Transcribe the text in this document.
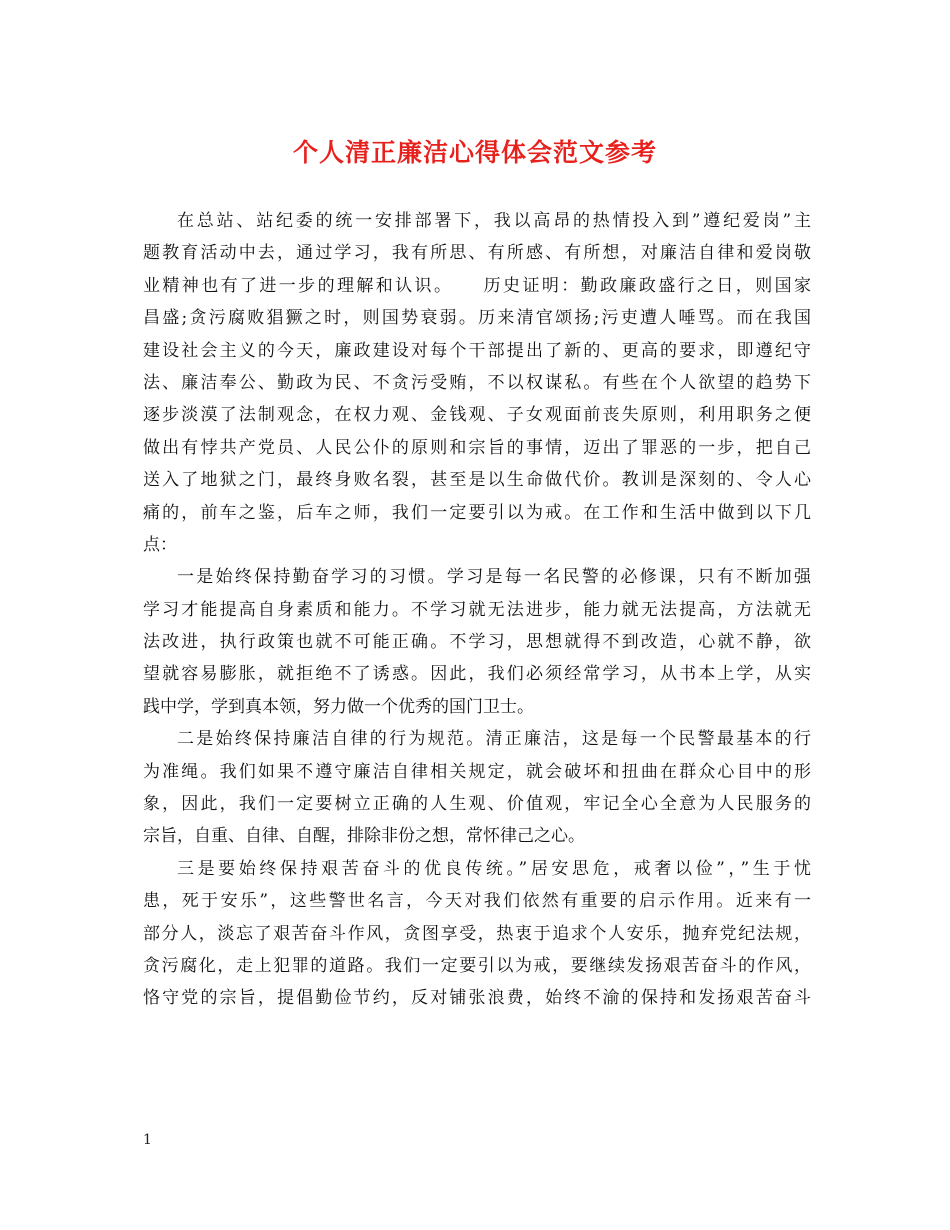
个人清正廉洁心得体会范文参考
在总站、站纪委的统一安排部署下，我以高昂的热情投入到”遵纪爱岗”主
题教育活动中去，通过学习，我有所思、有所感、有所想，对廉洁自律和爱岗敬
业精神也有了进一步的理解和认识。　　历史证明：勤政廉政盛行之日，则国家
昌盛;贪污腐败猖獗之时，则国势衰弱。历来清官颂扬;污吏遭人唾骂。而在我国
建设社会主义的今天，廉政建设对每个干部提出了新的、更高的要求，即遵纪守
法、廉洁奉公、勤政为民、不贪污受贿，不以权谋私。有些在个人欲望的趋势下
逐步淡漠了法制观念，在权力观、金钱观、子女观面前丧失原则，利用职务之便
做出有悖共产党员、人民公仆的原则和宗旨的事情，迈出了罪恶的一步，把自己
送入了地狱之门，最终身败名裂，甚至是以生命做代价。教训是深刻的、令人心
痛的，前车之鉴，后车之师，我们一定要引以为戒。在工作和生活中做到以下几
点：
一是始终保持勤奋学习的习惯。学习是每一名民警的必修课，只有不断加强
学习才能提高自身素质和能力。不学习就无法进步，能力就无法提高，方法就无
法改进，执行政策也就不可能正确。不学习，思想就得不到改造，心就不静，欲
望就容易膨胀，就拒绝不了诱惑。因此，我们必须经常学习，从书本上学，从实
践中学，学到真本领，努力做一个优秀的国门卫士。
二是始终保持廉洁自律的行为规范。清正廉洁，这是每一个民警最基本的行
为准绳。我们如果不遵守廉洁自律相关规定，就会破坏和扭曲在群众心目中的形
象，因此，我们一定要树立正确的人生观、价值观，牢记全心全意为人民服务的
宗旨，自重、自律、自醒，排除非份之想，常怀律己之心。
三是要始终保持艰苦奋斗的优良传统。”居安思危，戒奢以俭”，”生于忧
患，死于安乐”，这些警世名言，今天对我们依然有重要的启示作用。近来有一
部分人，淡忘了艰苦奋斗作风，贪图享受，热衷于追求个人安乐，抛弃党纪法规，
贪污腐化，走上犯罪的道路。我们一定要引以为戒，要继续发扬艰苦奋斗的作风，
恪守党的宗旨，提倡勤俭节约，反对铺张浪费，始终不渝的保持和发扬艰苦奋斗
1
